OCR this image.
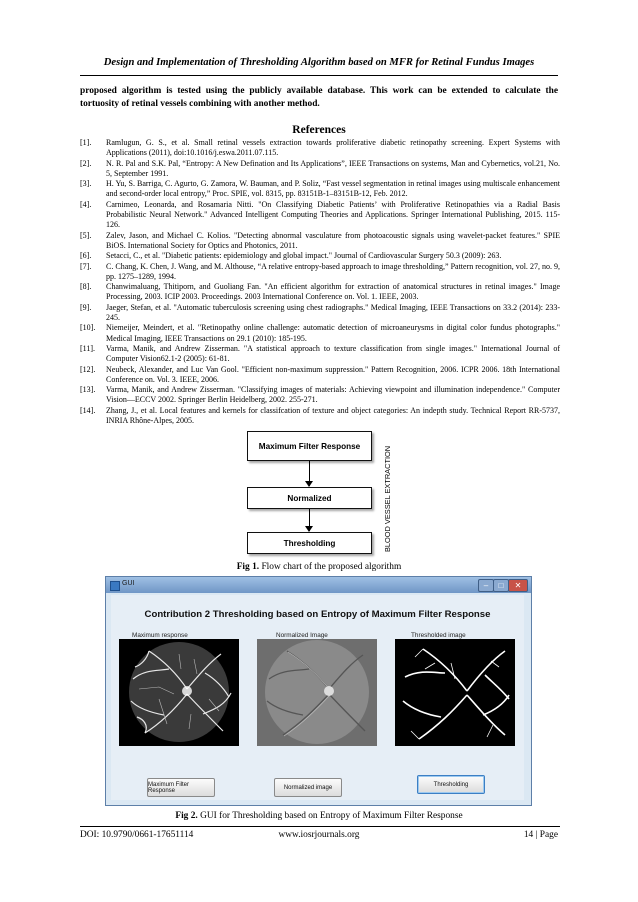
Design and Implementation of Thresholding Algorithm based on MFR for Retinal Fundus Images
proposed algorithm is tested using the publicly available database. This work can be extended to calculate the tortuosity of retinal vessels combining with another method.
References
[1].	Ramlugun, G. S., et al. Small retinal vessels extraction towards proliferative diabetic retinopathy screening. Expert Systems with Applications (2011), doi:10.1016/j.eswa.2011.07.115.
[2].	N. R. Pal and S.K. Pal, “Entropy: A New Defination and Its Applications”, IEEE Transactions on systems, Man and Cybernetics, vol.21, No. 5, September 1991.
[3].	H. Yu, S. Barriga, C. Agurto, G. Zamora, W. Bauman, and P. Soliz, “Fast vessel segmentation in retinal images using multiscale enhancement and second-order local entropy,” Proc. SPIE, vol. 8315, pp. 83151B-1–83151B-12, Feb. 2012.
[4].	Carnimeo, Leonarda, and Rosamaria Nitti. "On Classifying Diabetic Patients’ with Proliferative Retinopathies via a Radial Basis Probabilistic Neural Network." Advanced Intelligent Computing Theories and Applications. Springer International Publishing, 2015. 115-126.
[5].	Zalev, Jason, and Michael C. Kolios. "Detecting abnormal vasculature from photoacoustic signals using wavelet-packet features." SPIE BiOS. International Society for Optics and Photonics, 2011.
[6].	Setacci, C., et al. "Diabetic patients: epidemiology and global impact." Journal of Cardiovascular Surgery 50.3 (2009): 263.
[7].	C. Chang, K. Chen, J. Wang, and M. Althouse, “A relative entropy-based approach to image thresholding,” Pattern recognition, vol. 27, no. 9, pp. 1275–1289, 1994.
[8].	Chanwimaluang, Thitiporn, and Guoliang Fan. "An efficient algorithm for extraction of anatomical structures in retinal images." Image Processing, 2003. ICIP 2003. Proceedings. 2003 International Conference on. Vol. 1. IEEE, 2003.
[9].	Jaeger, Stefan, et al. "Automatic tuberculosis screening using chest radiographs." Medical Imaging, IEEE Transactions on 33.2 (2014): 233-245.
[10].	Niemeijer, Meindert, et al. "Retinopathy online challenge: automatic detection of microaneurysms in digital color fundus photographs." Medical Imaging, IEEE Transactions on 29.1 (2010): 185-195.
[11].	Varma, Manik, and Andrew Zisserman. "A statistical approach to texture classification from single images." International Journal of Computer Vision62.1-2 (2005): 61-81.
[12].	Neubeck, Alexander, and Luc Van Gool. "Efficient non-maximum suppression." Pattern Recognition, 2006. ICPR 2006. 18th International Conference on. Vol. 3. IEEE, 2006.
[13].	Varma, Manik, and Andrew Zisserman. "Classifying images of materials: Achieving viewpoint and illumination independence." Computer Vision—ECCV 2002. Springer Berlin Heidelberg, 2002. 255-271.
[14].	Zhang, J., et al. Local features and kernels for classifcation of texture and object categories: An indepth study. Technical Report RR-5737, INRIA Rhône-Alpes, 2005.
Maximum Filter Response
Normalized
Thresholding	BLOOD VESSEL EXTRACTION
Fig 1. Flow chart of the proposed algorithm
GUI	–	□	✕
Contribution 2 Thresholding based on Entropy of Maximum Filter Response
Maximum response	Normalized Image	Thresholded image
Maximum Filter Response	Normalized image	Thresholding
Fig 2. GUI for Thresholding based on Entropy of Maximum Filter Response
DOI: 10.9790/0661-17651114	www.iosrjournals.org	14 | Page
